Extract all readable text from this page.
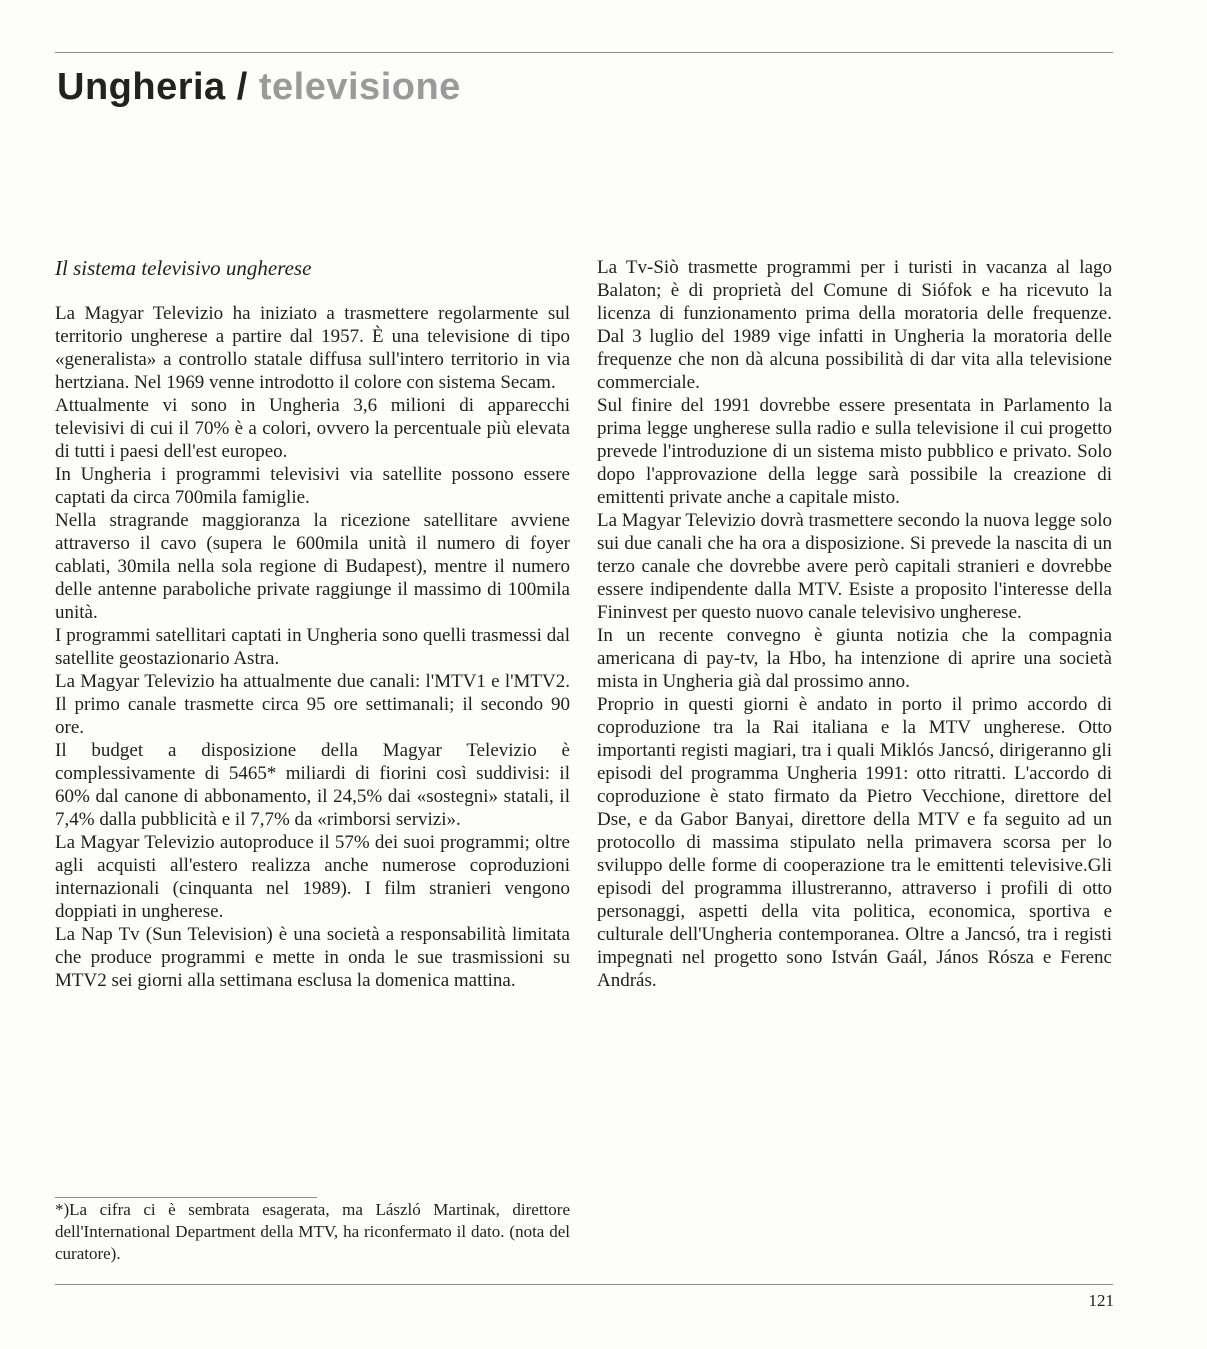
Ungheria / televisione
Il sistema televisivo ungherese

La Magyar Televizio ha iniziato a trasmettere regolarmente sul territorio ungherese a partire dal 1957. È una televisione di tipo «generalista» a controllo statale diffusa sull'intero territorio in via hertziana. Nel 1969 venne introdotto il colore con sistema Secam.

Attualmente vi sono in Ungheria 3,6 milioni di apparecchi televisivi di cui il 70% è a colori, ovvero la percentuale più elevata di tutti i paesi dell'est europeo.

In Ungheria i programmi televisivi via satellite possono essere captati da circa 700mila famiglie.

Nella stragrande maggioranza la ricezione satellitare avviene attraverso il cavo (supera le 600mila unità il numero di foyer cablati, 30mila nella sola regione di Budapest), mentre il numero delle antenne paraboliche private raggiunge il massimo di 100mila unità.

I programmi satellitari captati in Ungheria sono quelli trasmessi dal satellite geostazionario Astra.

La Magyar Televizio ha attualmente due canali: l'MTV1 e l'MTV2. Il primo canale trasmette circa 95 ore settimanali; il secondo 90 ore.

Il budget a disposizione della Magyar Televizio è complessivamente di 5465* miliardi di fiorini così suddivisi: il 60% dal canone di abbonamento, il 24,5% dai «sostegni» statali, il 7,4% dalla pubblicità e il 7,7% da «rimborsi servizi».

La Magyar Televizio autoproduce il 57% dei suoi programmi; oltre agli acquisti all'estero realizza anche numerose coproduzioni internazionali (cinquanta nel 1989). I film stranieri vengono doppiati in ungherese.

La Nap Tv (Sun Television) è una società a responsabilità limitata che produce programmi e mette in onda le sue trasmissioni su MTV2 sei giorni alla settimana esclusa la domenica mattina.

La Tv-Siò trasmette programmi per i turisti in vacanza al lago Balaton; è di proprietà del Comune di Siófok e ha ricevuto la licenza di funzionamento prima della moratoria delle frequenze. Dal 3 luglio del 1989 vige infatti in Ungheria la moratoria delle frequenze che non dà alcuna possibilità di dar vita alla televisione commerciale.

Sul finire del 1991 dovrebbe essere presentata in Parlamento la prima legge ungherese sulla radio e sulla televisione il cui progetto prevede l'introduzione di un sistema misto pubblico e privato. Solo dopo l'approvazione della legge sarà possibile la creazione di emittenti private anche a capitale misto.

La Magyar Televizio dovrà trasmettere secondo la nuova legge solo sui due canali che ha ora a disposizione. Si prevede la nascita di un terzo canale che dovrebbe avere però capitali stranieri e dovrebbe essere indipendente dalla MTV. Esiste a proposito l'interesse della Fininvest per questo nuovo canale televisivo ungherese.

In un recente convegno è giunta notizia che la compagnia americana di pay-tv, la Hbo, ha intenzione di aprire una società mista in Ungheria già dal prossimo anno.

Proprio in questi giorni è andato in porto il primo accordo di coproduzione tra la Rai italiana e la MTV ungherese. Otto importanti registi magiari, tra i quali Miklós Jancsó, dirigeranno gli episodi del programma Ungheria 1991: otto ritratti. L'accordo di coproduzione è stato firmato da Pietro Vecchione, direttore del Dse, e da Gabor Banyai, direttore della MTV e fa seguito ad un protocollo di massima stipulato nella primavera scorsa per lo sviluppo delle forme di cooperazione tra le emittenti televisive.Gli episodi del programma illustreranno, attraverso i profili di otto personaggi, aspetti della vita politica, economica, sportiva e culturale dell'Ungheria contemporanea. Oltre a Jancsó, tra i registi impegnati nel progetto sono István Gaál, János Rósza e Ferenc András.

*)La cifra ci è sembrata esagerata, ma László Martinak, direttore dell'International Department della MTV, ha riconfermato il dato. (nota del curatore).

121
